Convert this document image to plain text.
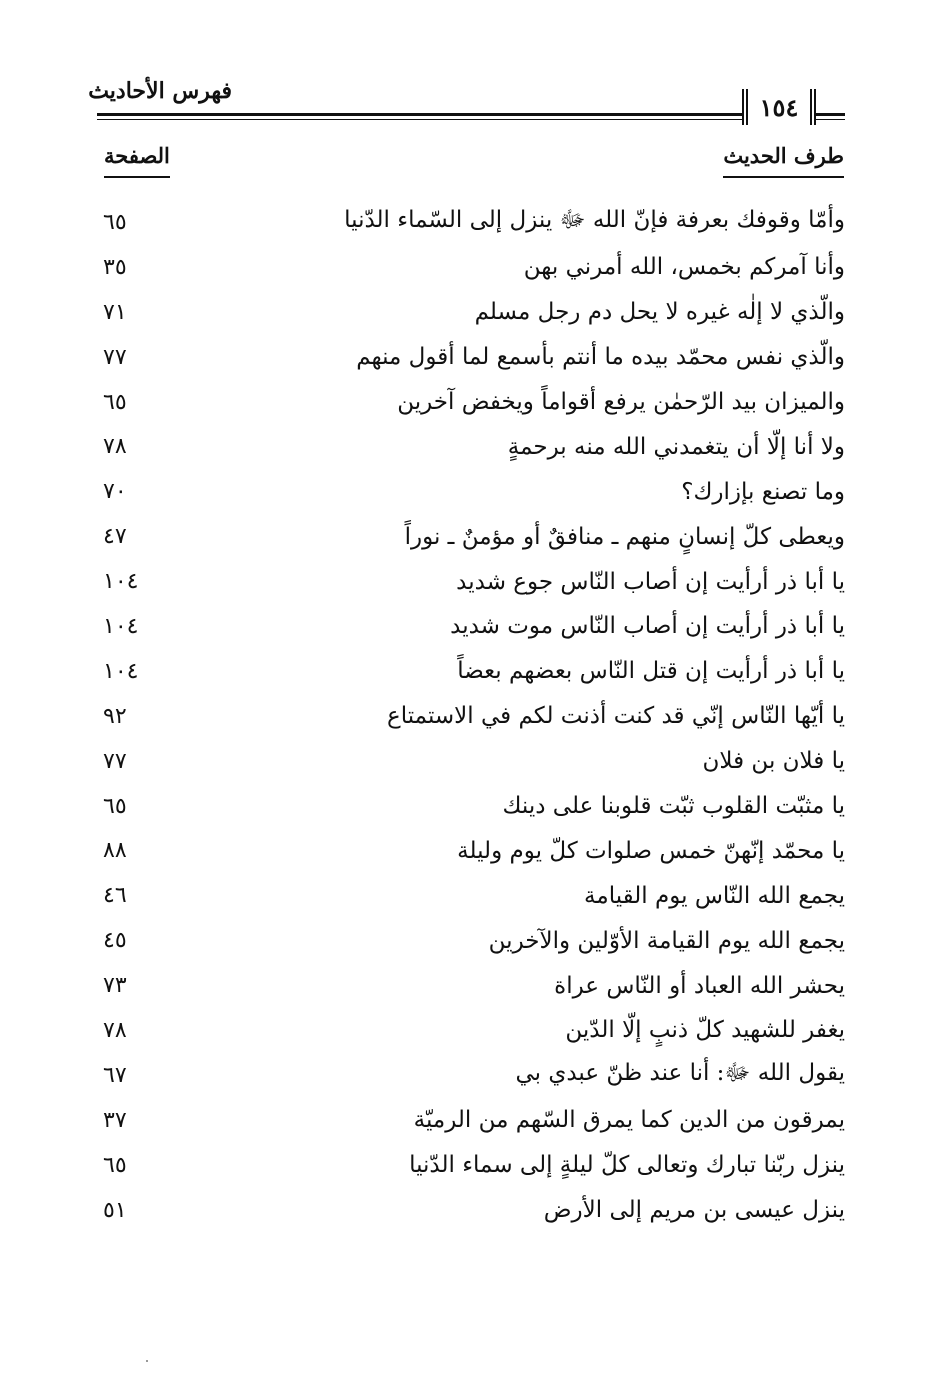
فهرس الأحاديث
١٥٤
طرف الحديث
الصفحة
وأمّا وقوفك بعرفة فإنّ الله ﷻ ينزل إلى السّماء الدّنيا
٦٥
وأنا آمركم بخمس، الله أمرني بهن
٣٥
والّذي لا إلٰه غيره لا يحل دم رجل مسلم
٧١
والّذي نفس محمّد بيده ما أنتم بأسمع لما أقول منهم
٧٧
والميزان بيد الرّحمٰن يرفع أقواماً ويخفض آخرين
٦٥
ولا أنا إلّا أن يتغمدني الله منه برحمةٍ
٧٨
وما تصنع بإزارك؟
٧٠
ويعطى كلّ إنسانٍ منهم ـ منافقٌ أو مؤمنٌ ـ نوراً
٤٧
يا أبا ذر أرأيت إن أصاب النّاس جوع شديد
١٠٤
يا أبا ذر أرأيت إن أصاب النّاس موت شديد
١٠٤
يا أبا ذر أرأيت إن قتل النّاس بعضهم بعضاً
١٠٤
يا أيّها النّاس إنّي قد كنت أذنت لكم في الاستمتاع
٩٢
يا فلان بن فلان
٧٧
يا مثبّت القلوب ثبّت قلوبنا على دينك
٦٥
يا محمّد إنّهنّ خمس صلوات كلّ يوم وليلة
٨٨
يجمع الله النّاس يوم القيامة
٤٦
يجمع الله يوم القيامة الأوّلين والآخرين
٤٥
يحشر الله العباد أو النّاس عراة
٧٣
يغفر للشهيد كلّ ذنبٍ إلّا الدّين
٧٨
يقول الله ﷻ: أنا عند ظنّ عبدي بي
٦٧
يمرقون من الدين كما يمرق السّهم من الرميّة
٣٧
ينزل ربّنا تبارك وتعالى كلّ ليلةٍ إلى سماء الدّنيا
٦٥
ينزل عيسى بن مريم إلى الأرض
٥١
